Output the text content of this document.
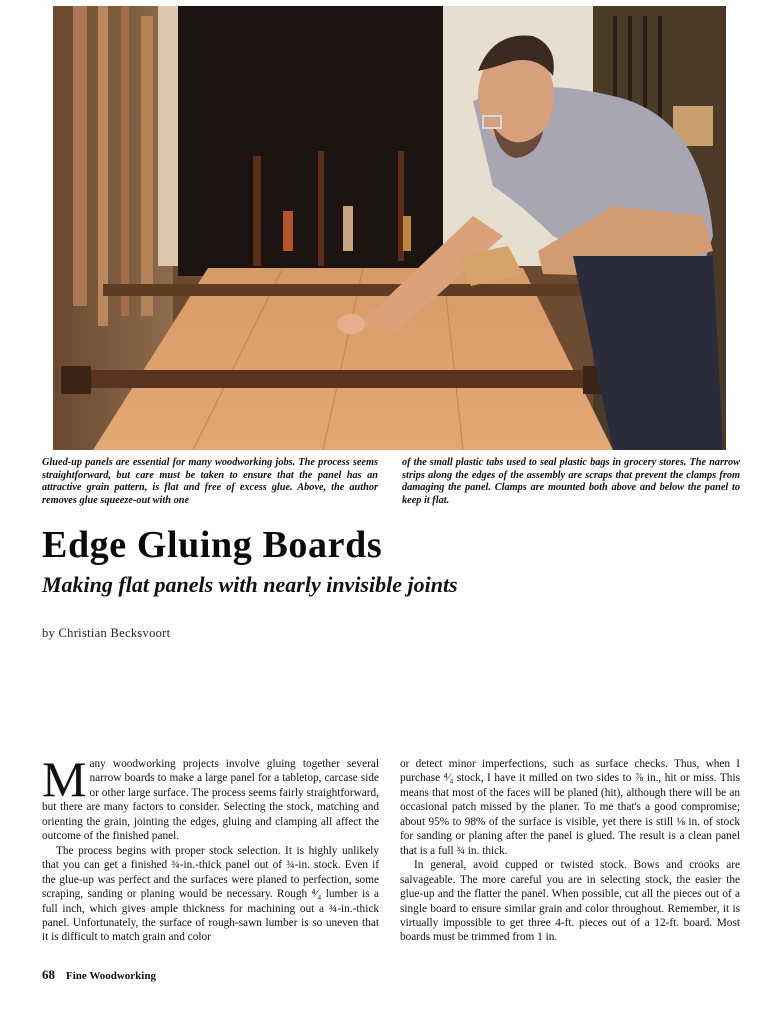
Glued-up panels are essential for many woodworking jobs. The process seems straightforward, but care must be taken to ensure that the panel has an attractive grain pattern, is flat and free of excess glue. Above, the author removes glue squeeze-out with one
of the small plastic tabs used to seal plastic bags in grocery stores. The narrow strips along the edges of the assembly are scraps that prevent the clamps from damaging the panel. Clamps are mounted both above and below the panel to keep it flat.
Edge Gluing Boards
Making flat panels with nearly invisible joints
by Christian Becksvoort

Many woodworking projects involve gluing together several narrow boards to make a large panel for a tabletop, carcase side or other large surface. The process seems fairly straightforward, but there are many factors to consider. Selecting the stock, matching and orienting the grain, jointing the edges, gluing and clamping all affect the outcome of the finished panel.

The process begins with proper stock selection. It is highly unlikely that you can get a finished ¾-in.-thick panel out of ¾-in. stock. Even if the glue-up was perfect and the surfaces were planed to perfection, some scraping, sanding or planing would be necessary. Rough ⁴⁄₄ lumber is a full inch, which gives ample thickness for machining out a ¾-in.-thick panel. Unfortunately, the surface of rough-sawn lumber is so uneven that it is difficult to match grain and color

or detect minor imperfections, such as surface checks. Thus, when I purchase ⁴⁄₄ stock, I have it milled on two sides to ⅞ in., hit or miss. This means that most of the faces will be planed (hit), although there will be an occasional patch missed by the planer. To me that's a good compromise; about 95% to 98% of the surface is visible, yet there is still ⅛ in. of stock for sanding or planing after the panel is glued. The result is a clean panel that is a full ¾ in. thick.

In general, avoid cupped or twisted stock. Bows and crooks are salvageable. The more careful you are in selecting stock, the easier the glue-up and the flatter the panel. When possible, cut all the pieces out of a single board to ensure similar grain and color throughout. Remember, it is virtually impossible to get three 4-ft. pieces out of a 12-ft. board. Most boards must be trimmed from 1 in.

68 Fine Woodworking
